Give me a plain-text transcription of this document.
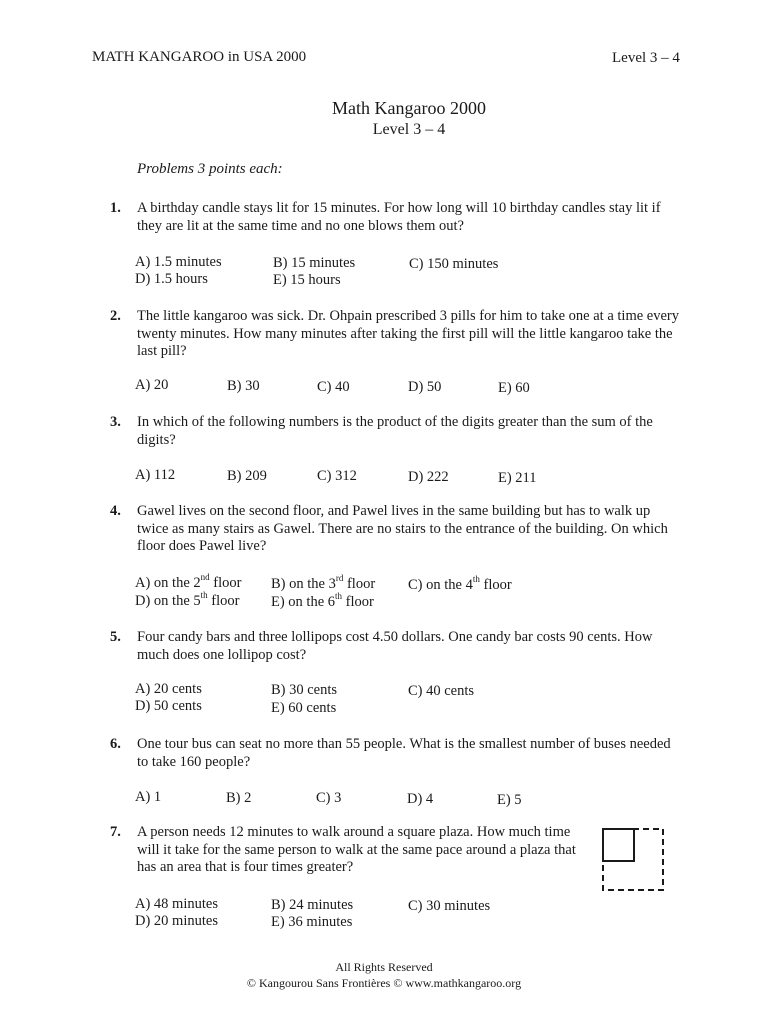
MATH KANGAROO in USA 2000	Level 3 – 4
Math Kangaroo 2000
Level 3 – 4
Problems 3 points each:
1. A birthday candle stays lit for 15 minutes. For how long will 10 birthday candles stay lit if they are lit at the same time and no one blows them out?

A) 1.5 minutes	B) 15 minutes	C) 150 minutes
D) 1.5 hours	E) 15 hours
2. The little kangaroo was sick. Dr. Ohpain prescribed 3 pills for him to take one at a time every twenty minutes. How many minutes after taking the first pill will the little kangaroo take the last pill?

A) 20	B) 30	C) 40	D) 50	E) 60
3. In which of the following numbers is the product of the digits greater than the sum of the digits?

A) 112	B) 209	C) 312	D) 222	E) 211
4. Gawel lives on the second floor, and Pawel lives in the same building but has to walk up twice as many stairs as Gawel. There are no stairs to the entrance of the building. On which floor does Pawel live?

A) on the 2nd floor B) on the 3rd floor C) on the 4th floor
D) on the 5th floor E) on the 6th floor
5. Four candy bars and three lollipops cost 4.50 dollars. One candy bar costs 90 cents. How much does one lollipop cost?

A) 20 cents	B) 30 cents	C) 40 cents
D) 50 cents	E) 60 cents
6. One tour bus can seat no more than 55 people. What is the smallest number of buses needed to take 160 people?

A) 1	B) 2	C) 3	D) 4	E) 5
7. A person needs 12 minutes to walk around a square plaza. How much time will it take for the same person to walk at the same pace around a plaza that has an area that is four times greater?

A) 48 minutes	B) 24 minutes	C) 30 minutes
D) 20 minutes	E) 36 minutes
All Rights Reserved
© Kangourou Sans Frontières © www.mathkangaroo.org
